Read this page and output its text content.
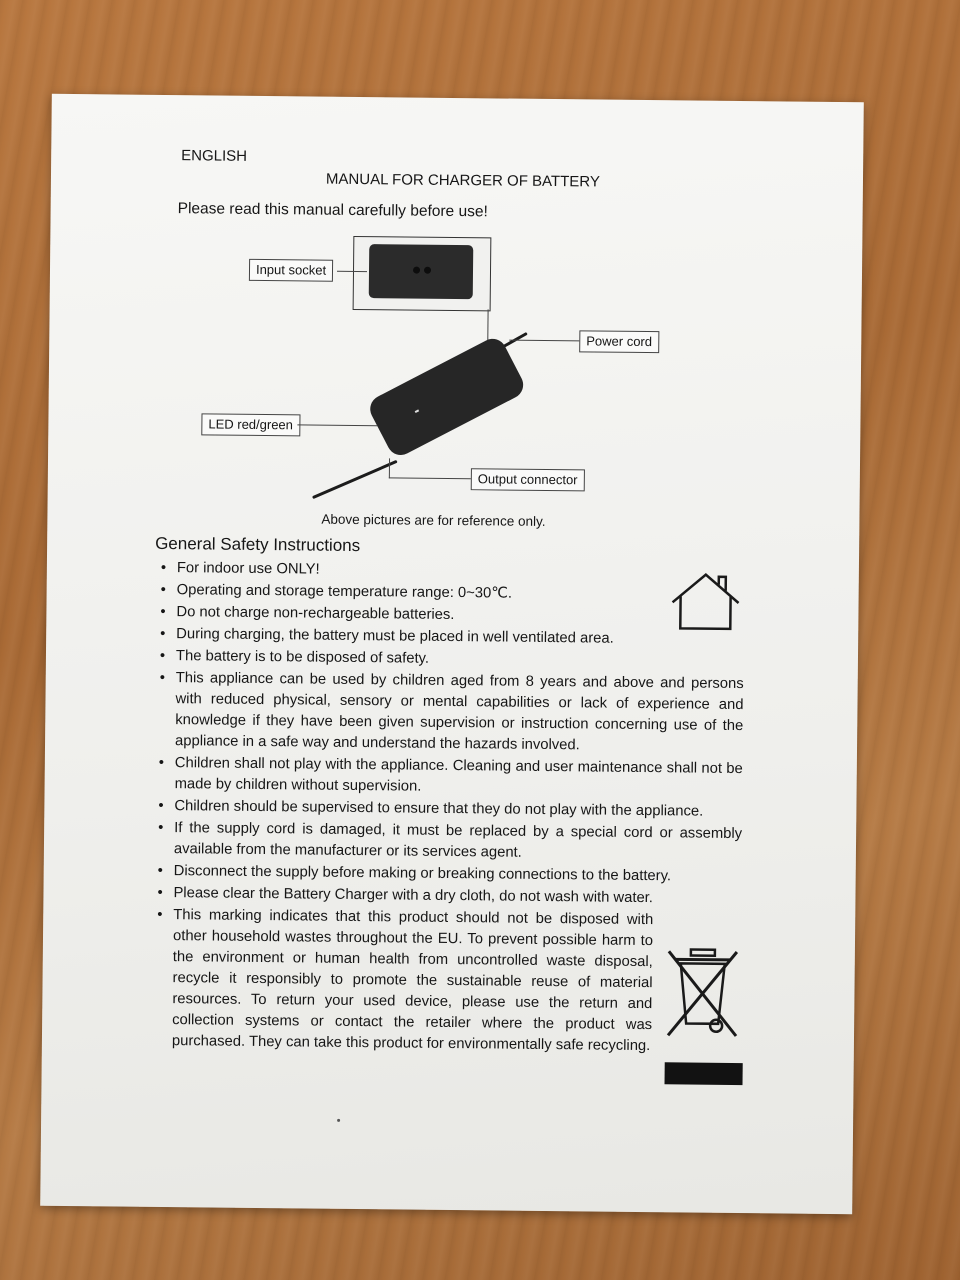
ENGLISH
MANUAL FOR CHARGER OF BATTERY
Please read this manual carefully before use!
Input socket
Power cord
LED red/green
Output connector
Above pictures are for reference only.
General Safety Instructions
• For indoor use ONLY!
• Operating and storage temperature range: 0~30℃.
• Do not charge non-rechargeable batteries.
• During charging, the battery must be placed in well ventilated area.
• The battery is to be disposed of safety.
• This appliance can be used by children aged from 8 years and above and persons with reduced physical, sensory or mental capabilities or lack of experience and knowledge if they have been given supervision or instruction concerning use of the appliance in a safe way and understand the hazards involved.
• Children shall not play with the appliance. Cleaning and user maintenance shall not be made by children without supervision.
• Children should be supervised to ensure that they do not play with the appliance.
• If the supply cord is damaged, it must be replaced by a special cord or assembly available from the manufacturer or its services agent.
• Disconnect the supply before making or breaking connections to the battery.
• Please clear the Battery Charger with a dry cloth, do not wash with water.
• This marking indicates that this product should not be disposed with other household wastes throughout the EU. To prevent possible harm to the environment or human health from uncontrolled waste disposal, recycle it responsibly to promote the sustainable reuse of material resources. To return your used device, please use the return and collection systems or contact the retailer where the product was purchased. They can take this product for environmentally safe recycling.
